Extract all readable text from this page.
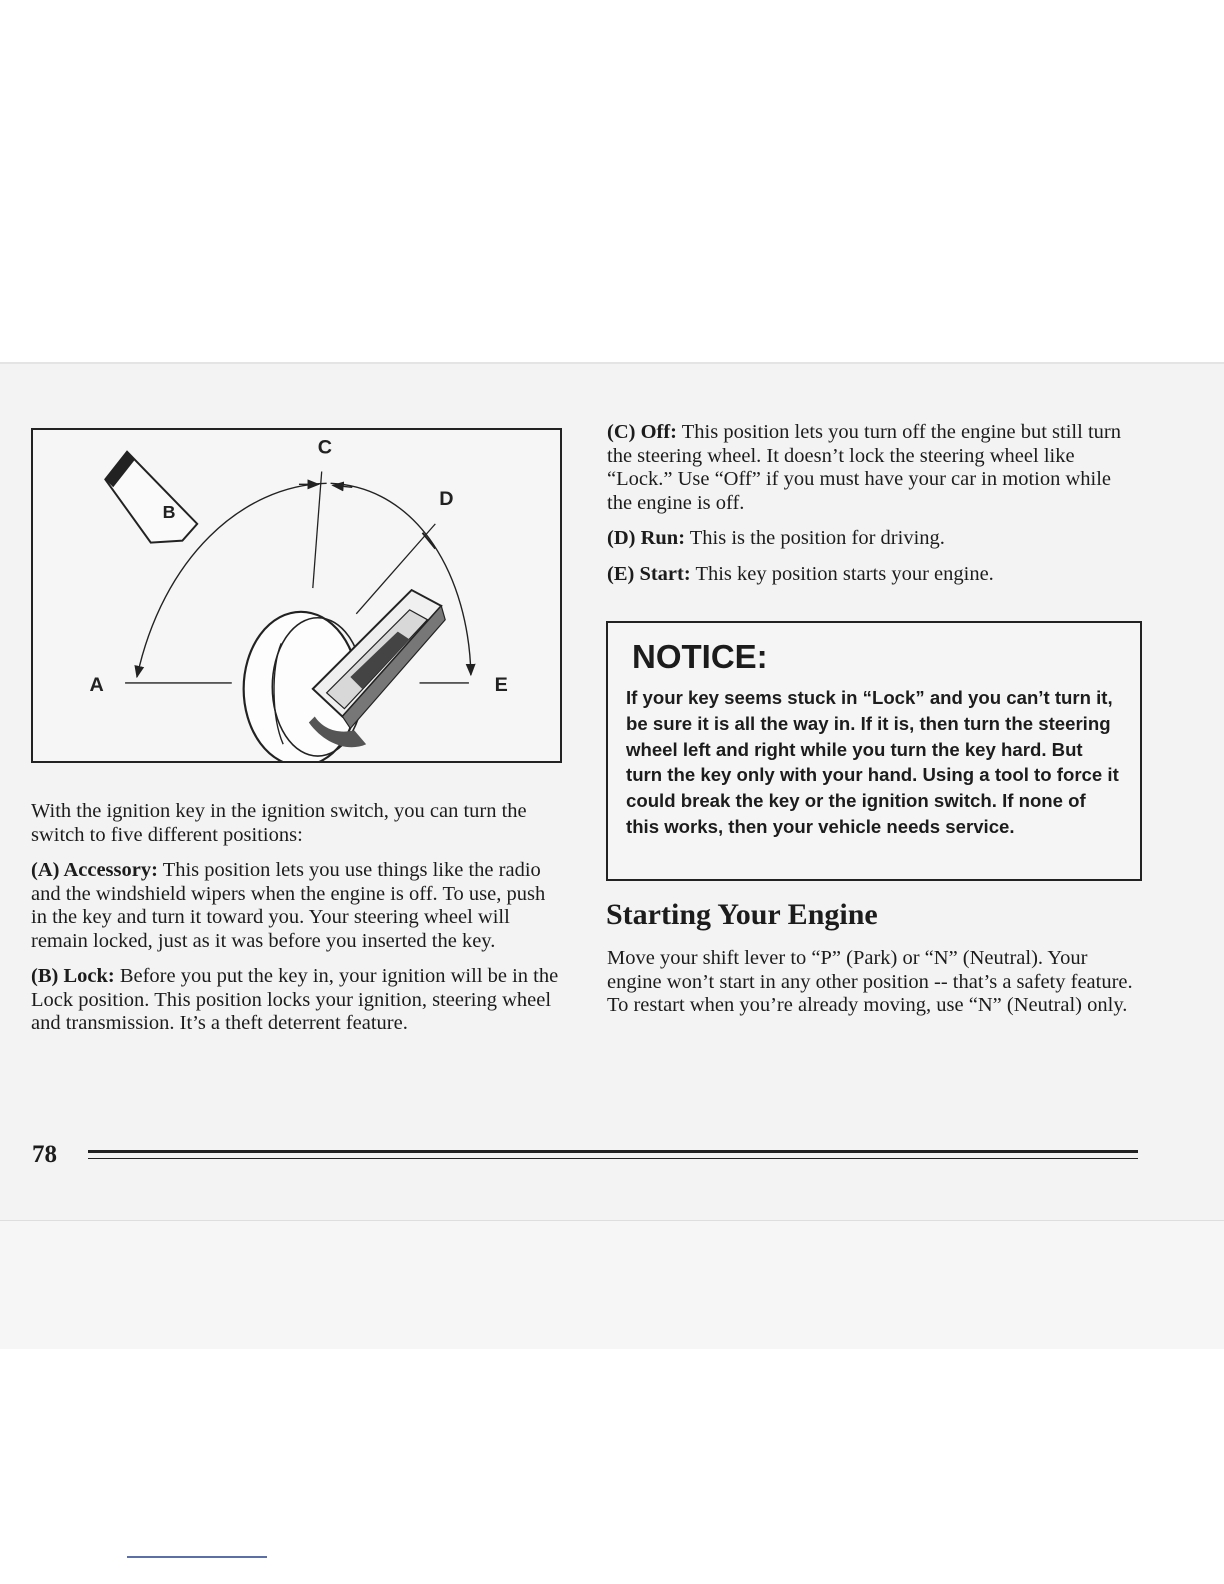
A
B
C
D
E

With the ignition key in the ignition switch, you can turn the switch to five different positions:

(A) Accessory: This position lets you use things like the radio and the windshield wipers when the engine is off. To use, push in the key and turn it toward you. Your steering wheel will remain locked, just as it was before you inserted the key.

(B) Lock: Before you put the key in, your ignition will be in the Lock position. This position locks your ignition, steering wheel and transmission. It’s a theft deterrent feature.

(C) Off: This position lets you turn off the engine but still turn the steering wheel. It doesn’t lock the steering wheel like “Lock.” Use “Off” if you must have your car in motion while the engine is off.

(D) Run: This is the position for driving.

(E) Start: This key position starts your engine.

NOTICE:

If your key seems stuck in “Lock” and you can’t turn it, be sure it is all the way in. If it is, then turn the steering wheel left and right while you turn the key hard. But turn the key only with your hand. Using a tool to force it could break the key or the ignition switch. If none of this works, then your vehicle needs service.

Starting Your Engine

Move your shift lever to “P” (Park) or “N” (Neutral). Your engine won’t start in any other position -- that’s a safety feature. To restart when you’re already moving, use “N” (Neutral) only.

78
